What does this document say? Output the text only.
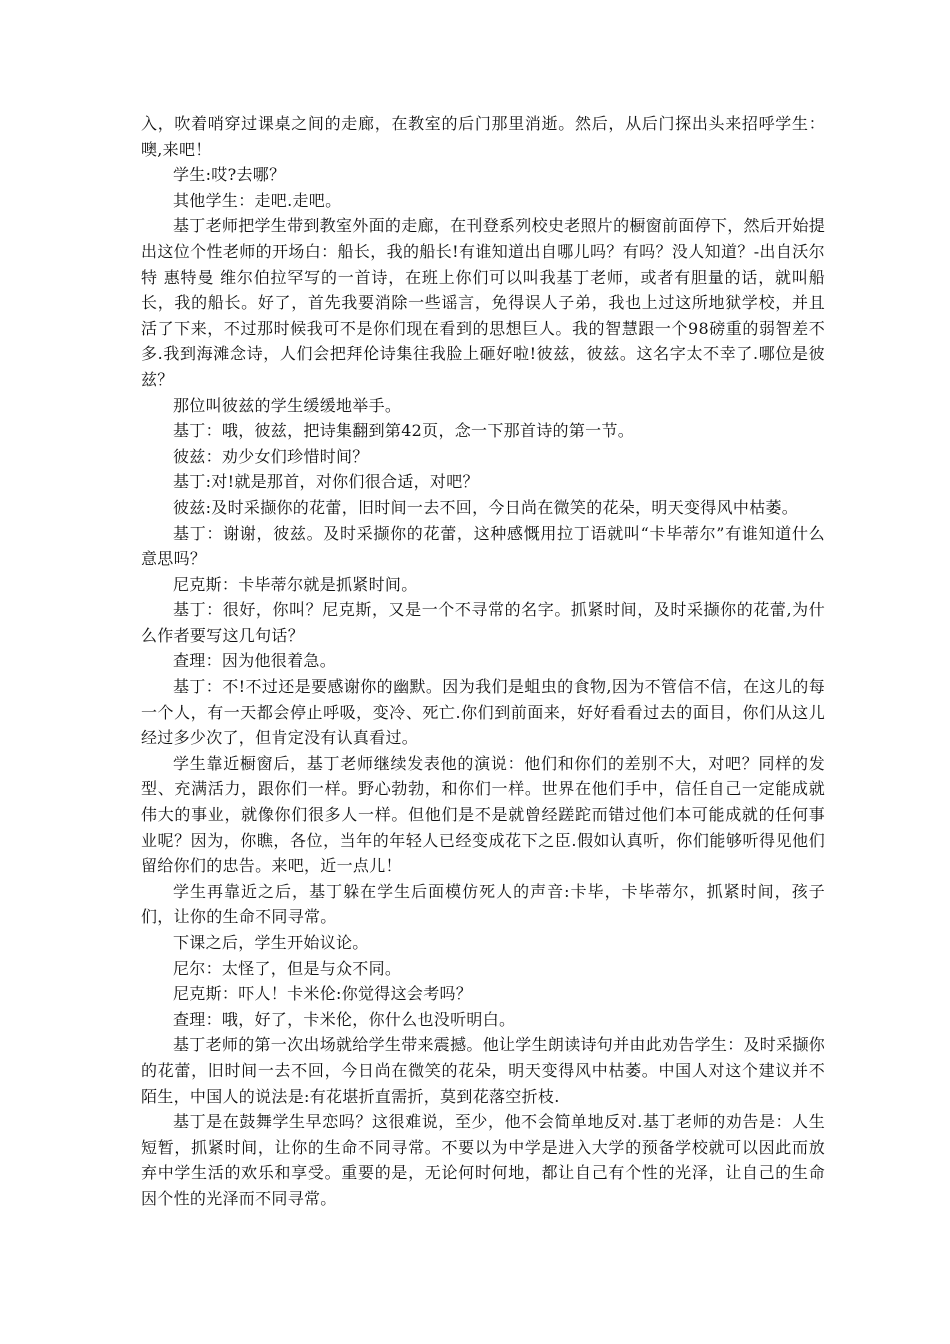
入，吹着哨穿过课桌之间的走廊，在教室的后门那里消逝。然后，从后门探出头来招呼学生：噢,来吧！

学生:哎?去哪？

其他学生：走吧.走吧。

基丁老师把学生带到教室外面的走廊，在刊登系列校史老照片的橱窗前面停下，然后开始提出这位个性老师的开场白：船长，我的船长!有谁知道出自哪儿吗？有吗？没人知道？-出自沃尔特 惠特曼 维尔伯拉罕写的一首诗，在班上你们可以叫我基丁老师，或者有胆量的话，就叫船长，我的船长。好了，首先我要消除一些谣言，免得误人子弟，我也上过这所地狱学校，并且活了下来，不过那时候我可不是你们现在看到的思想巨人。我的智慧跟一个98磅重的弱智差不多.我到海滩念诗，人们会把拜伦诗集往我脸上砸好啦!彼兹，彼兹。这名字太不幸了.哪位是彼兹？

那位叫彼兹的学生缓缓地举手。

基丁：哦，彼兹，把诗集翻到第42页，念一下那首诗的第一节。

彼兹：劝少女们珍惜时间？

基丁:对!就是那首，对你们很合适，对吧？

彼兹:及时采撷你的花蕾，旧时间一去不回，今日尚在微笑的花朵，明天变得风中枯萎。

基丁：谢谢，彼兹。及时采撷你的花蕾，这种感慨用拉丁语就叫“卡毕蒂尔”有谁知道什么意思吗？

尼克斯：卡毕蒂尔就是抓紧时间。

基丁：很好，你叫？尼克斯，又是一个不寻常的名字。抓紧时间，及时采撷你的花蕾,为什么作者要写这几句话？

查理：因为他很着急。

基丁：不!不过还是要感谢你的幽默。因为我们是蛆虫的食物,因为不管信不信，在这儿的每一个人，有一天都会停止呼吸，变冷、死亡.你们到前面来，好好看看过去的面目，你们从这儿经过多少次了，但肯定没有认真看过。

学生靠近橱窗后，基丁老师继续发表他的演说：他们和你们的差别不大，对吧？同样的发型、充满活力，跟你们一样。野心勃勃，和你们一样。世界在他们手中，信任自己一定能成就伟大的事业，就像你们很多人一样。但他们是不是就曾经蹉跎而错过他们本可能成就的任何事业呢？因为，你瞧，各位，当年的年轻人已经变成花下之臣.假如认真听，你们能够听得见他们留给你们的忠告。来吧，近一点儿！

学生再靠近之后，基丁躲在学生后面模仿死人的声音:卡毕，卡毕蒂尔，抓紧时间，孩子们，让你的生命不同寻常。

下课之后，学生开始议论。

尼尔：太怪了，但是与众不同。

尼克斯：吓人！卡米伦:你觉得这会考吗？

查理：哦，好了，卡米伦，你什么也没听明白。

基丁老师的第一次出场就给学生带来震撼。他让学生朗读诗句并由此劝告学生：及时采撷你的花蕾，旧时间一去不回，今日尚在微笑的花朵，明天变得风中枯萎。中国人对这个建议并不陌生，中国人的说法是:有花堪折直需折，莫到花落空折枝.

基丁是在鼓舞学生早恋吗？这很难说，至少，他不会简单地反对.基丁老师的劝告是：人生短暂，抓紧时间，让你的生命不同寻常。不要以为中学是进入大学的预备学校就可以因此而放弃中学生活的欢乐和享受。重要的是，无论何时何地，都让自己有个性的光泽，让自己的生命因个性的光泽而不同寻常。
